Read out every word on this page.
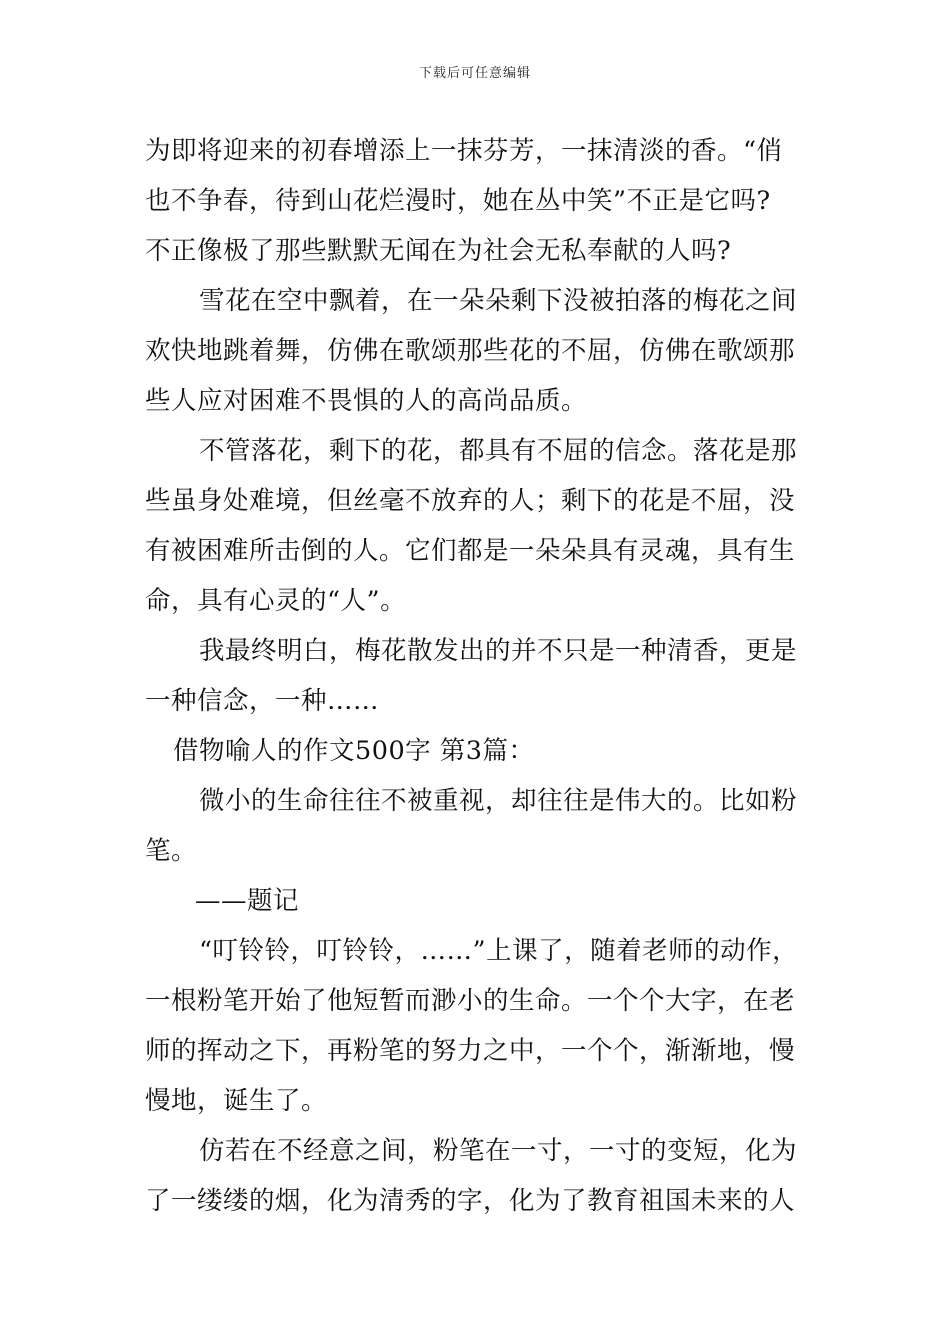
下载后可任意编辑
为即将迎来的初春增添上一抹芬芳，一抹清淡的香。“俏
也不争春，待到山花烂漫时，她在丛中笑”不正是它吗?
不正像极了那些默默无闻在为社会无私奉献的人吗?
雪花在空中飘着，在一朵朵剩下没被拍落的梅花之间
欢快地跳着舞，仿佛在歌颂那些花的不屈，仿佛在歌颂那
些人应对困难不畏惧的人的高尚品质。
不管落花，剩下的花，都具有不屈的信念。落花是那
些虽身处难境，但丝毫不放弃的人；剩下的花是不屈，没
有被困难所击倒的人。它们都是一朵朵具有灵魂，具有生
命，具有心灵的“人”。
我最终明白，梅花散发出的并不只是一种清香，更是
一种信念，一种……
借物喻人的作文500字 第3篇：
微小的生命往往不被重视，却往往是伟大的。比如粉
笔。
——题记
“叮铃铃，叮铃铃，……”上课了，随着老师的动作，
一根粉笔开始了他短暂而渺小的生命。一个个大字，在老
师的挥动之下，再粉笔的努力之中，一个个，渐渐地，慢
慢地，诞生了。
仿若在不经意之间，粉笔在一寸，一寸的变短，化为
了一缕缕的烟，化为清秀的字，化为了教育祖国未来的人
